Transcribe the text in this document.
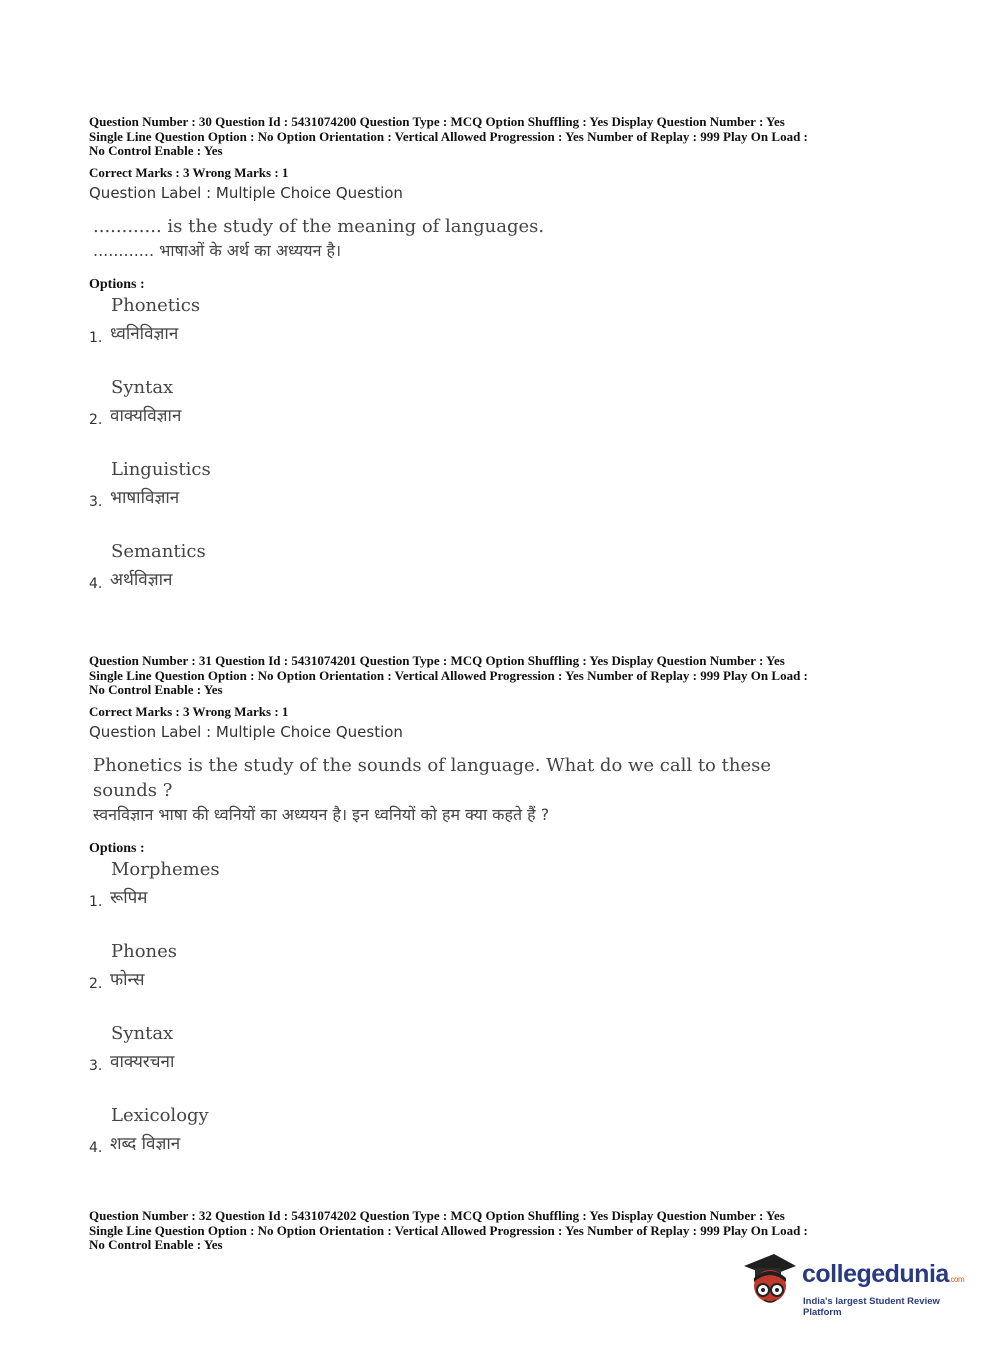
Question Number : 30 Question Id : 5431074200 Question Type : MCQ Option Shuffling : Yes Display Question Number : Yes
Single Line Question Option : No Option Orientation : Vertical Allowed Progression : Yes Number of Replay : 999 Play On Load :
No Control Enable : Yes

Correct Marks : 3 Wrong Marks : 1
Question Label : Multiple Choice Question
............ is the study of the meaning of languages.
............ भाषाओं के अर्थ का अध्ययन है।
Options :
1.
Phonetics
ध्वनिविज्ञान
2.
Syntax
वाक्यविज्ञान
3.
Linguistics
भाषाविज्ञान
4.
Semantics
अर्थविज्ञान

Question Number : 31 Question Id : 5431074201 Question Type : MCQ Option Shuffling : Yes Display Question Number : Yes
Single Line Question Option : No Option Orientation : Vertical Allowed Progression : Yes Number of Replay : 999 Play On Load :
No Control Enable : Yes

Correct Marks : 3 Wrong Marks : 1
Question Label : Multiple Choice Question
Phonetics is the study of the sounds of language. What do we call to these sounds ?
स्वनविज्ञान भाषा की ध्वनियों का अध्ययन है। इन ध्वनियों को हम क्या कहते हैं ?
Options :
1.
Morphemes
रूपिम
2.
Phones
फोन्स
3.
Syntax
वाक्यरचना
4.
Lexicology
शब्द विज्ञान

Question Number : 32 Question Id : 5431074202 Question Type : MCQ Option Shuffling : Yes Display Question Number : Yes
Single Line Question Option : No Option Orientation : Vertical Allowed Progression : Yes Number of Replay : 999 Play On Load :
No Control Enable : Yes

collegedunia.com
India's largest Student Review Platform
